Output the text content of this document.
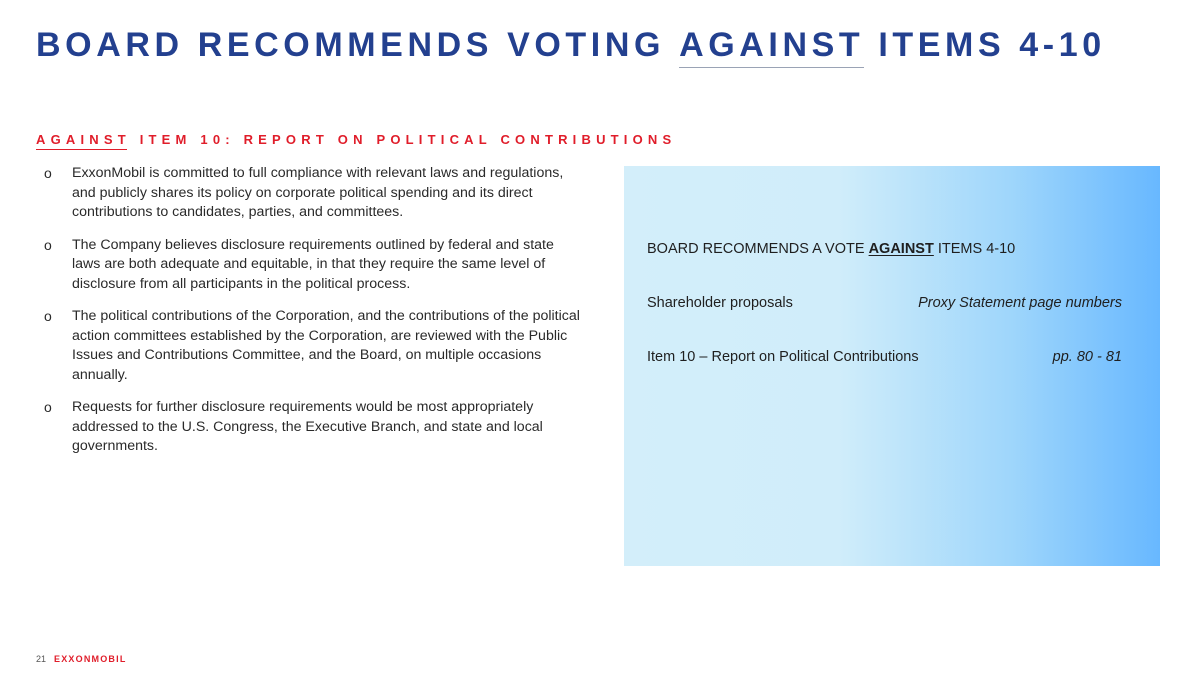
BOARD RECOMMENDS VOTING AGAINST ITEMS 4-10
AGAINST ITEM 10: REPORT ON POLITICAL CONTRIBUTIONS
o ExxonMobil is committed to full compliance with relevant laws and regulations, and publicly shares its policy on corporate political spending and its direct contributions to candidates, parties, and committees.
o The Company believes disclosure requirements outlined by federal and state laws are both adequate and equitable, in that they require the same level of disclosure from all participants in the political process.
o The political contributions of the Corporation, and the contributions of the political action committees established by the Corporation, are reviewed with the Public Issues and Contributions Committee, and the Board, on multiple occasions annually.
o Requests for further disclosure requirements would be most appropriately addressed to the U.S. Congress, the Executive Branch, and state and local governments.
BOARD RECOMMENDS A VOTE AGAINST ITEMS 4-10
Shareholder proposals	Proxy Statement page numbers
Item 10 – Report on Political Contributions	pp. 80 - 81
21 EXXONMOBIL
